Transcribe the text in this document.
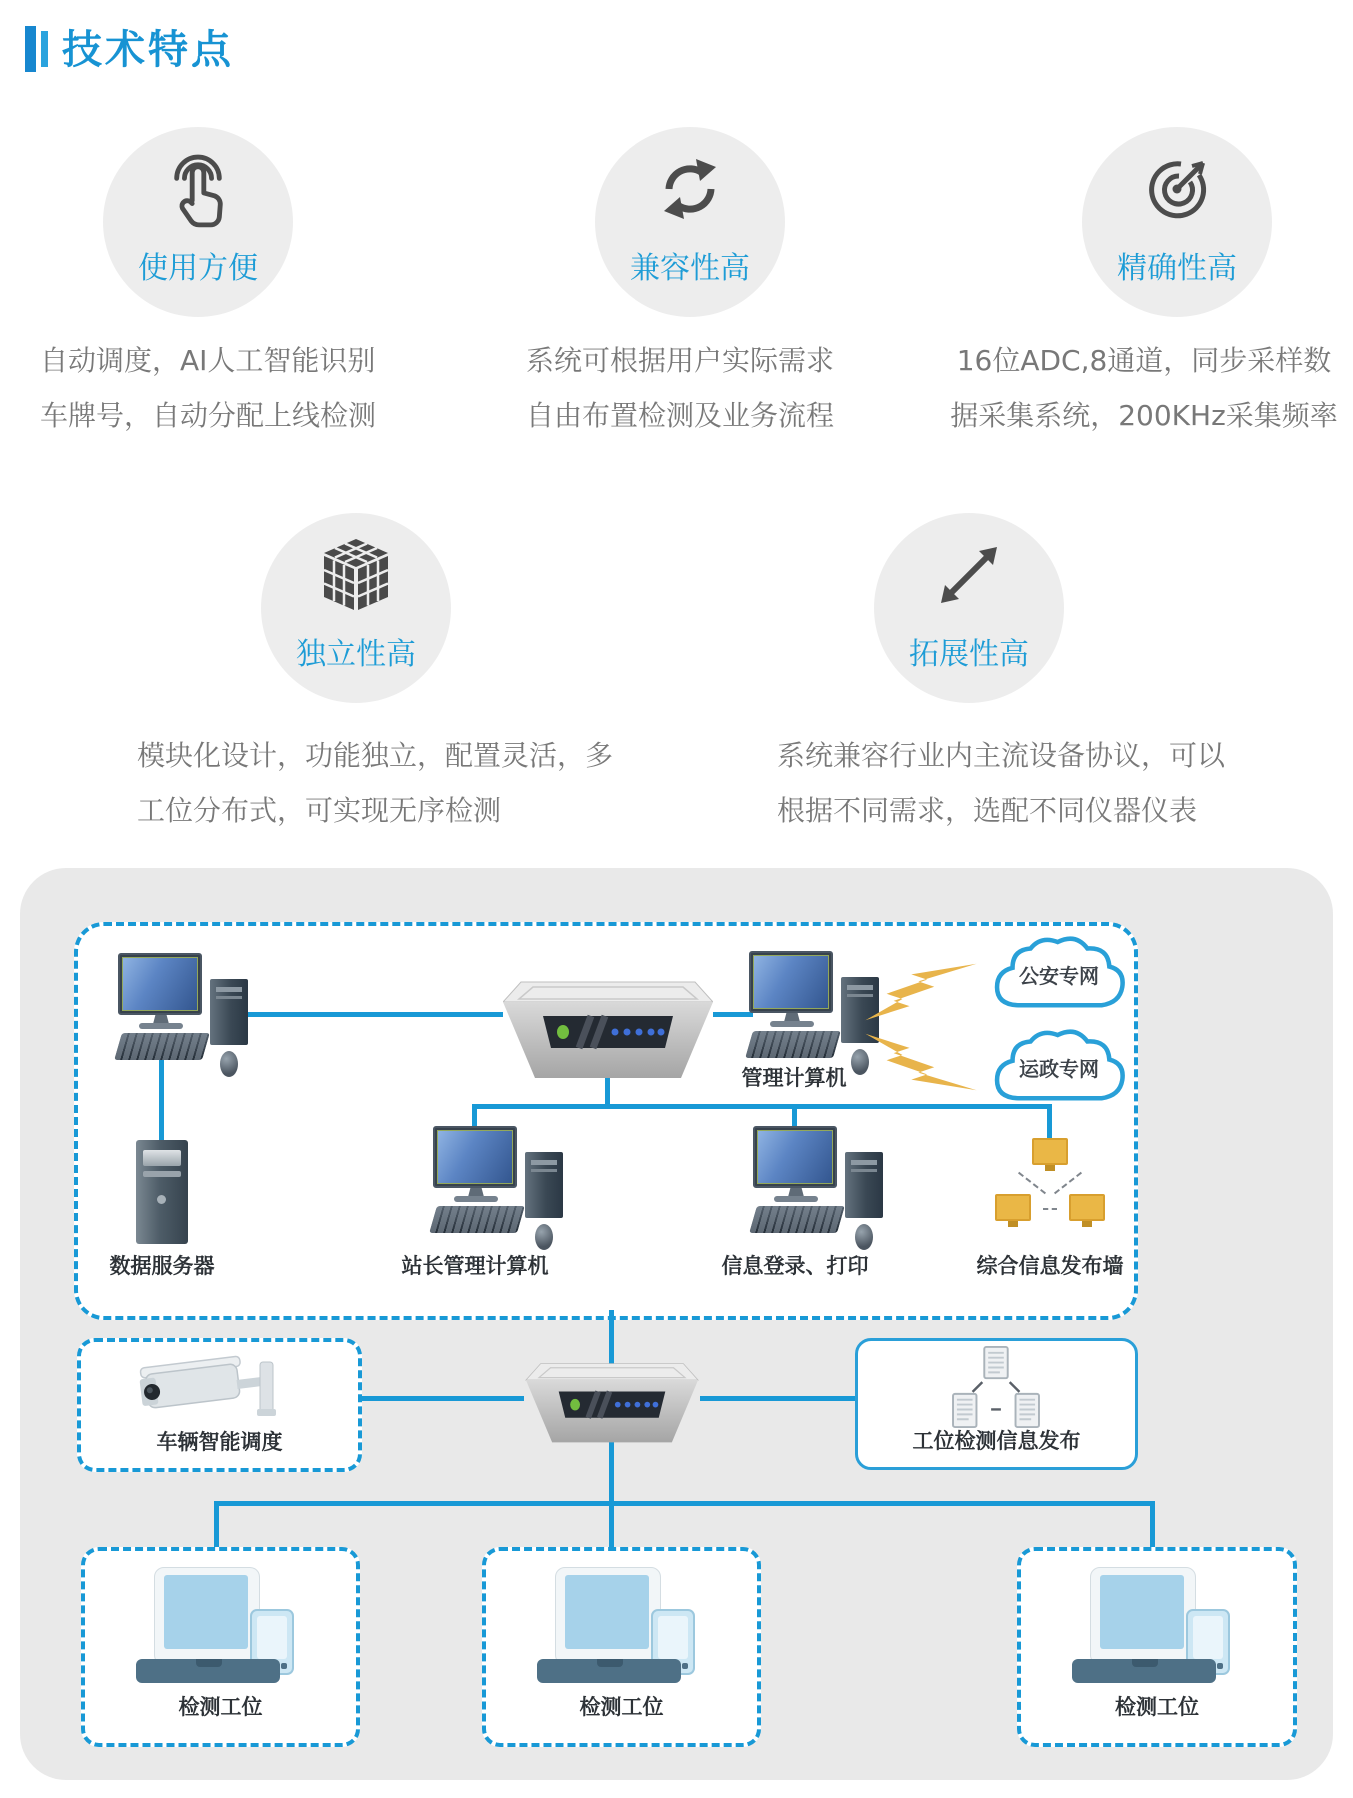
技术特点
使用方便	兼容性高	精确性高
自动调度，AI人工智能识别
车牌号，自动分配上线检测
系统可根据用户实际需求
自由布置检测及业务流程
16位ADC,8通道，同步采样数
据采集系统，200KHz采集频率
独立性高	拓展性高
模块化设计，功能独立，配置灵活，多
工位分布式，可实现无序检测
系统兼容行业内主流设备协议，可以
根据不同需求，选配不同仪器仪表
管理计算机
公安专网
运政专网
数据服务器	站长管理计算机	信息登录、打印	综合信息发布墙
车辆智能调度	工位检测信息发布
检测工位	检测工位	检测工位
